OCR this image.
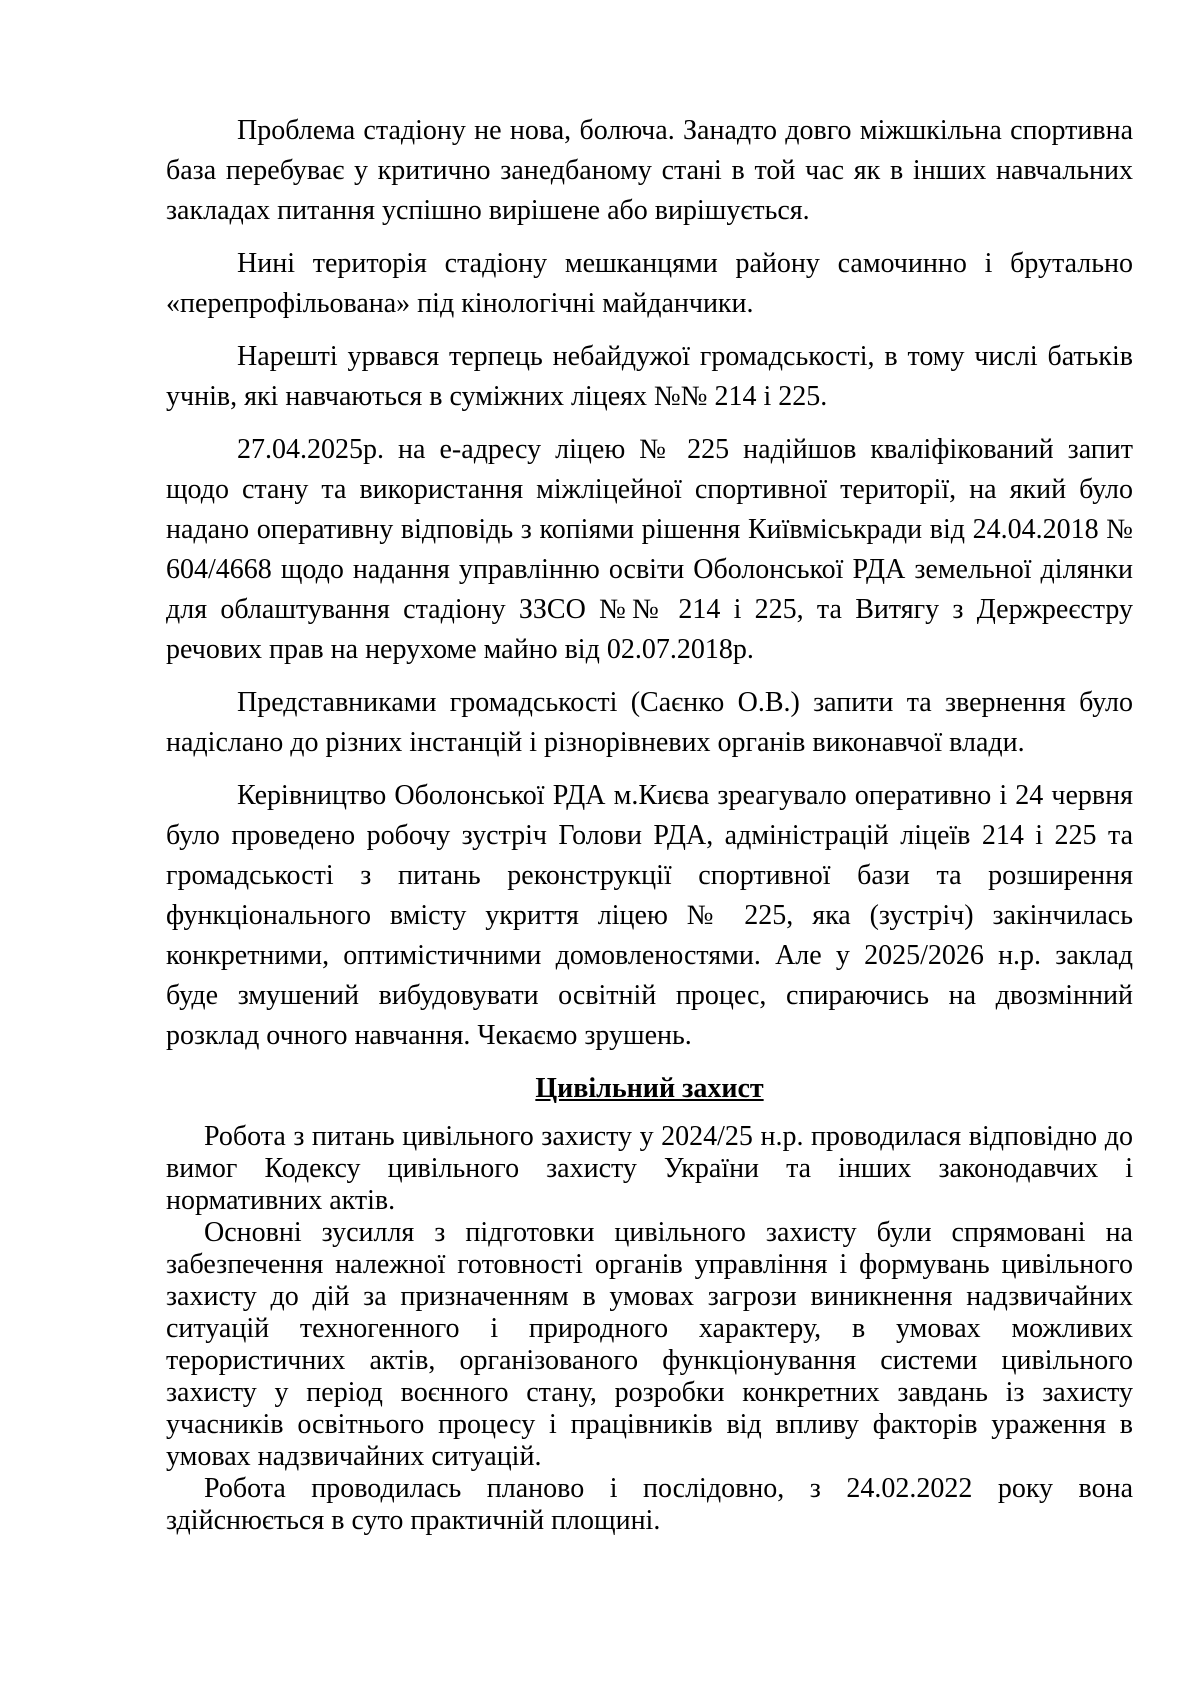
Проблема стадіону не нова, болюча. Занадто довго міжшкільна спортивна база перебуває у критично занедбаному стані в той час як в інших навчальних закладах питання успішно вирішене або вирішується.

Нині територія стадіону мешканцями району самочинно і брутально «перепрофільована» під кінологічні майданчики.

Нарешті урвався терпець небайдужої громадськості, в тому числі батьків учнів, які навчаються в суміжних ліцеях №№ 214 і 225.

27.04.2025р. на е-адресу ліцею № 225 надійшов кваліфікований запит щодо стану та використання міжліцейної спортивної території, на який було надано оперативну відповідь з копіями рішення Київміськради від 24.04.2018 № 604/4668 щодо надання управлінню освіти Оболонської РДА земельної ділянки для облаштування стадіону ЗЗСО №№ 214 і 225, та Витягу з Держреєстру речових прав на нерухоме майно від 02.07.2018р.

Представниками громадськості (Саєнко О.В.) запити та звернення було надіслано до різних інстанцій і різнорівневих органів виконавчої влади.

Керівництво Оболонської РДА м.Києва зреагувало оперативно і 24 червня було проведено робочу зустріч Голови РДА, адміністрацій ліцеїв 214 і 225 та громадськості з питань реконструкції спортивної бази та розширення функціонального вмісту укриття ліцею № 225, яка (зустріч) закінчилась конкретними, оптимістичними домовленостями. Але у 2025/2026 н.р. заклад буде змушений вибудовувати освітній процес, спираючись на двозмінний розклад очного навчання. Чекаємо зрушень.

Цивільний захист

Робота з питань цивільного захисту у 2024/25 н.р. проводилася відповідно до вимог Кодексу цивільного захисту України та інших законодавчих і нормативних актів.

Основні зусилля з підготовки цивільного захисту були спрямовані на забезпечення належної готовності органів управління і формувань цивільного захисту до дій за призначенням в умовах загрози виникнення надзвичайних ситуацій техногенного і природного характеру, в умовах можливих терористичних актів, організованого функціонування системи цивільного захисту у період воєнного стану, розробки конкретних завдань із захисту учасників освітнього процесу і працівників від впливу факторів ураження в умовах надзвичайних ситуацій.

Робота проводилась планово і послідовно, з 24.02.2022 року вона здійснюється в суто практичній площині.
